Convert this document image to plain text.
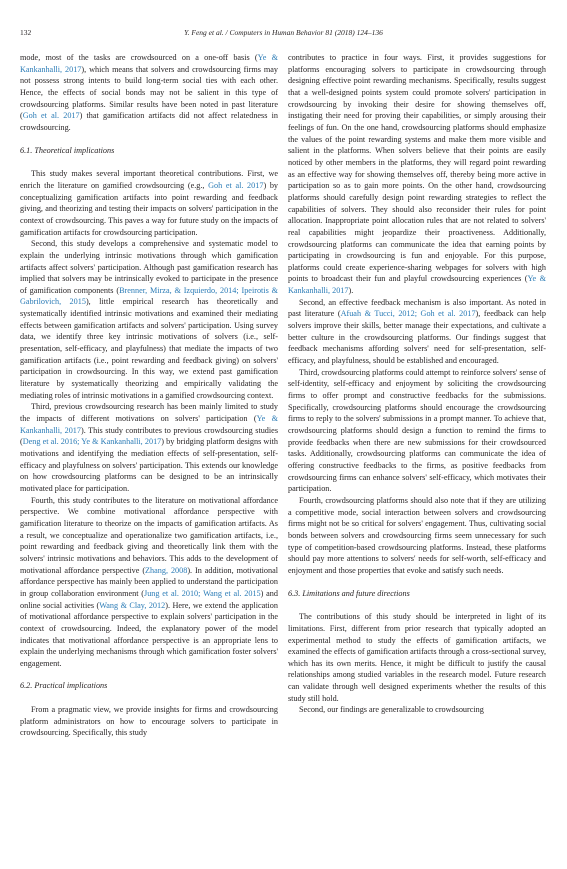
132	Y. Feng et al. / Computers in Human Behavior 81 (2018) 124–136

mode, most of the tasks are crowdsourced on a one-off basis (Ye & Kankanhalli, 2017), which means that solvers and crowdsourcing firms may not possess strong intents to build long-term social ties with each other. Hence, the effects of social bonds may not be salient in this type of crowdsourcing platforms. Similar results have been noted in past literature (Goh et al. 2017) that gamification artifacts did not affect relatedness in crowdsourcing.

6.1. Theoretical implications

This study makes several important theoretical contributions. First, we enrich the literature on gamified crowdsourcing (e.g., Goh et al. 2017) by conceptualizing gamification artifacts into point rewarding and feedback giving, and theorizing and testing their impacts on solvers' participation in the context of crowdsourcing. This paves a way for future study on the impacts of gamification artifacts for crowdsourcing participation.

Second, this study develops a comprehensive and systematic model to explain the underlying intrinsic motivations through which gamification artifacts affect solvers' participation. Although past gamification research has implied that solvers may be intrinsically evoked to participate in the presence of gamification components (Brenner, Mirza, & Izquierdo, 2014; Ipeirotis & Gabrilovich, 2015), little empirical research has theoretically and systematically identified intrinsic motivations and examined their mediating effects between gamification artifacts and solvers' participation. Using survey data, we identify three key intrinsic motivations of solvers (i.e., self-presentation, self-efficacy, and playfulness) that mediate the impacts of two gamification artifacts (i.e., point rewarding and feedback giving) on solvers' participation in crowdsourcing. In this way, we extend past gamification literature by systematically theorizing and empirically validating the mediating roles of intrinsic motivations in a gamified crowdsourcing context.

Third, previous crowdsourcing research has been mainly limited to study the impacts of different motivations on solvers' participation (Ye & Kankanhalli, 2017). This study contributes to previous crowdsourcing studies (Deng et al. 2016; Ye & Kankanhalli, 2017) by bridging platform designs with motivations and identifying the mediation effects of self-presentation, self-efficacy and playfulness on solvers' participation. This extends our knowledge on how crowdsourcing platforms can be designed to be an intrinsically motivated place for participation.

Fourth, this study contributes to the literature on motivational affordance perspective. We combine motivational affordance perspective with gamification literature to theorize on the impacts of gamification artifacts. As a result, we conceptualize and operationalize two gamification artifacts, i.e., point rewarding and feedback giving and theoretically link them with the solvers' intrinsic motivations and behaviors. This adds to the development of motivational affordance perspective (Zhang, 2008). In addition, motivational affordance perspective has mainly been applied to understand the participation in group collaboration environment (Jung et al. 2010; Wang et al. 2015) and online social activities (Wang & Clay, 2012). Here, we extend the application of motivational affordance perspective to explain solvers' participation in the context of crowdsourcing. Indeed, the explanatory power of the model indicates that motivational affordance perspective is an appropriate lens to explain the underlying mechanisms through which gamification foster solvers' engagement.

6.2. Practical implications

From a pragmatic view, we provide insights for firms and crowdsourcing platform administrators on how to encourage solvers to participate in crowdsourcing. Specifically, this study

contributes to practice in four ways. First, it provides suggestions for platforms encouraging solvers to participate in crowdsourcing through designing effective point rewarding mechanisms. Specifically, results suggest that a well-designed points system could promote solvers' participation in crowdsourcing by invoking their desire for showing themselves off, instigating their need for proving their capabilities, or simply arousing their feelings of fun. On the one hand, crowdsourcing platforms should emphasize the values of the point rewarding systems and make them more visible and salient in the platforms. When solvers believe that their points are easily noticed by other members in the platforms, they will regard point rewarding as an effective way for showing themselves off, thereby being more active in participation so as to gain more points. On the other hand, crowdsourcing platforms should carefully design point rewarding strategies to reflect the capabilities of solvers. They should also reconsider their rules for point allocation. Inappropriate point allocation rules that are not related to solvers' real capabilities might jeopardize their proactiveness. Additionally, crowdsourcing platforms can communicate the idea that earning points by participating in crowdsourcing is fun and enjoyable. For this purpose, platforms could create experience-sharing webpages for solvers with high points to broadcast their fun and playful crowdsourcing experiences (Ye & Kankanhalli, 2017).

Second, an effective feedback mechanism is also important. As noted in past literature (Afuah & Tucci, 2012; Goh et al. 2017), feedback can help solvers improve their skills, better manage their expectations, and cultivate a better culture in the crowdsourcing platforms. Our findings suggest that feedback mechanisms affording solvers' need for self-presentation, self-efficacy, and playfulness, should be established and encouraged.

Third, crowdsourcing platforms could attempt to reinforce solvers' sense of self-identity, self-efficacy and enjoyment by soliciting the crowdsourcing firms to offer prompt and constructive feedbacks for the submissions. Specifically, crowdsourcing platforms should encourage the crowdsourcing firms to reply to the solvers' submissions in a prompt manner. To achieve that, crowdsourcing platforms should design a function to remind the firms to provide feedbacks when there are new submissions for their crowdsourced tasks. Additionally, crowdsourcing platforms can communicate the idea of offering constructive feedbacks to the firms, as positive feedbacks from crowdsourcing firms can enhance solvers' self-efficacy, which motivates their participation.

Fourth, crowdsourcing platforms should also note that if they are utilizing a competitive mode, social interaction between solvers and crowdsourcing firms might not be so critical for solvers' engagement. Thus, cultivating social bonds between solvers and crowdsourcing firms seem unnecessary for such type of competition-based crowdsourcing platforms. Instead, these platforms should pay more attentions to solvers' needs for self-worth, self-efficacy and enjoyment and those properties that evoke and satisfy such needs.

6.3. Limitations and future directions

The contributions of this study should be interpreted in light of its limitations. First, different from prior research that typically adopted an experimental method to study the effects of gamification artifacts, we examined the effects of gamification artifacts through a cross-sectional survey, which has its own merits. Hence, it might be difficult to justify the causal relationships among studied variables in the research model. Future research can validate through well designed experiments whether the results of this study still hold.

Second, our findings are generalizable to crowdsourcing
